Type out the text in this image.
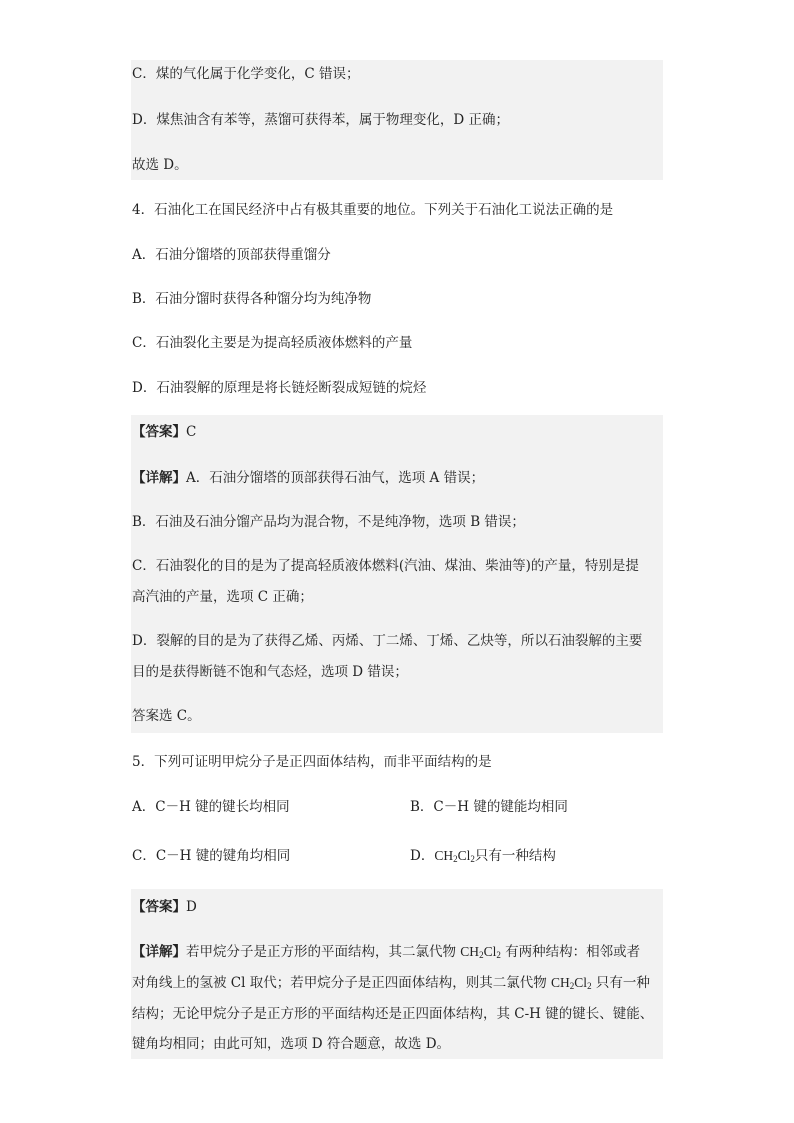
C．煤的气化属于化学变化，C 错误；
D．煤焦油含有苯等，蒸馏可获得苯，属于物理变化，D 正确；
故选 D。
4．石油化工在国民经济中占有极其重要的地位。下列关于石油化工说法正确的是
A．石油分馏塔的顶部获得重馏分
B．石油分馏时获得各种馏分均为纯净物
C．石油裂化主要是为提高轻质液体燃料的产量
D．石油裂解的原理是将长链烃断裂成短链的烷烃
【答案】C
【详解】A．石油分馏塔的顶部获得石油气，选项 A 错误；
B．石油及石油分馏产品均为混合物，不是纯净物，选项 B 错误；
C．石油裂化的目的是为了提高轻质液体燃料(汽油、煤油、柴油等)的产量，特别是提
高汽油的产量，选项 C 正确；
D．裂解的目的是为了获得乙烯、丙烯、丁二烯、丁烯、乙炔等，所以石油裂解的主要
目的是获得断链不饱和气态烃，选项 D 错误；
答案选 C。
5．下列可证明甲烷分子是正四面体结构，而非平面结构的是
A．C－H 键的键长均相同	B．C－H 键的键能均相同
C．C－H 键的键角均相同	D．$CH_2Cl_2$只有一种结构
【答案】D
【详解】若甲烷分子是正方形的平面结构，其二氯代物 $CH_2Cl_2$ 有两种结构：相邻或者
对角线上的氢被 Cl 取代；若甲烷分子是正四面体结构，则其二氯代物 $CH_2Cl_2$ 只有一种
结构；无论甲烷分子是正方形的平面结构还是正四面体结构，其 C-H 键的键长、键能、
键角均相同；由此可知，选项 D 符合题意，故选 D。
